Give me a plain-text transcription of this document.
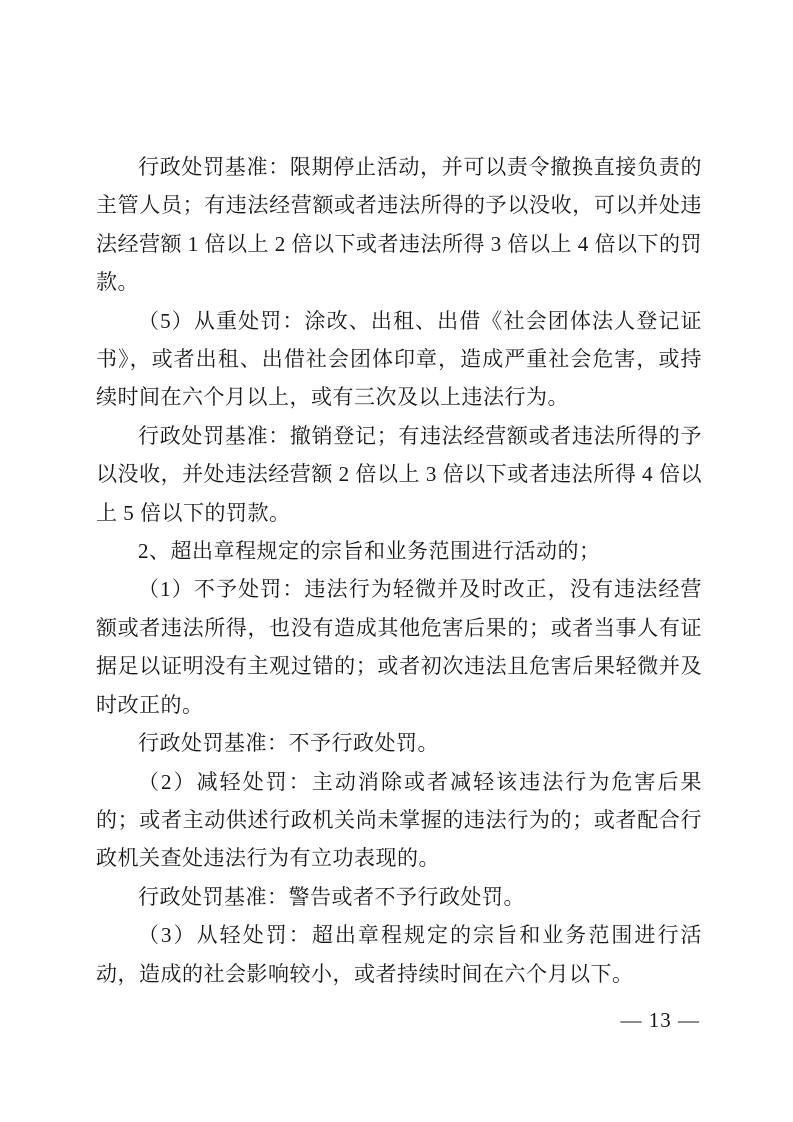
行政处罚基准：限期停止活动，并可以责令撤换直接负责的主管人员；有违法经营额或者违法所得的予以没收，可以并处违法经营额 1 倍以上 2 倍以下或者违法所得 3 倍以上 4 倍以下的罚款。

（5）从重处罚：涂改、出租、出借《社会团体法人登记证书》，或者出租、出借社会团体印章，造成严重社会危害，或持续时间在六个月以上，或有三次及以上违法行为。

行政处罚基准：撤销登记；有违法经营额或者违法所得的予以没收，并处违法经营额 2 倍以上 3 倍以下或者违法所得 4 倍以上 5 倍以下的罚款。

2、超出章程规定的宗旨和业务范围进行活动的；

（1）不予处罚：违法行为轻微并及时改正，没有违法经营额或者违法所得，也没有造成其他危害后果的；或者当事人有证据足以证明没有主观过错的；或者初次违法且危害后果轻微并及时改正的。

行政处罚基准：不予行政处罚。

（2）减轻处罚：主动消除或者减轻该违法行为危害后果的；或者主动供述行政机关尚未掌握的违法行为的；或者配合行政机关查处违法行为有立功表现的。

行政处罚基准：警告或者不予行政处罚。

（3）从轻处罚：超出章程规定的宗旨和业务范围进行活动，造成的社会影响较小，或者持续时间在六个月以下。

— 13 —
